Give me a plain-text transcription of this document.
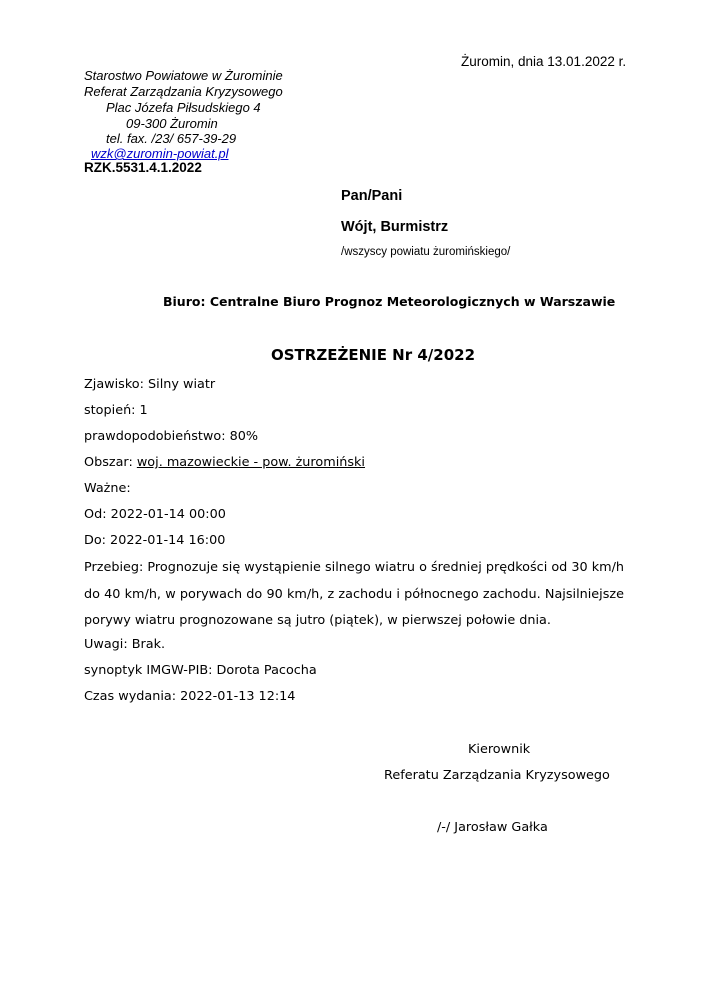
Żuromin, dnia 13.01.2022 r.
Starostwo Powiatowe w Żurominie
Referat Zarządzania Kryzysowego
Plac Józefa Piłsudskiego 4
09-300 Żuromin
tel. fax. /23/ 657-39-29
wzk@zuromin-powiat.pl
RZK.5531.4.1.2022
Pan/Pani
Wójt, Burmistrz
/wszyscy powiatu żuromińskiego/
Biuro: Centralne Biuro Prognoz Meteorologicznych w Warszawie
OSTRZEŻENIE Nr 4/2022
Zjawisko: Silny wiatr
stopień: 1
prawdopodobieństwo: 80%
Obszar: woj. mazowieckie - pow. żuromiński
Ważne:
Od: 2022-01-14 00:00
Do: 2022-01-14 16:00
Przebieg: Prognozuje się wystąpienie silnego wiatru o średniej prędkości od 30 km/h do 40 km/h, w porywach do 90 km/h, z zachodu i północnego zachodu. Najsilniejsze porywy wiatru prognozowane są jutro (piątek), w pierwszej połowie dnia.
Uwagi: Brak.
synoptyk IMGW-PIB: Dorota Pacocha
Czas wydania: 2022-01-13 12:14
Kierownik
Referatu Zarządzania Kryzysowego
/-/ Jarosław Gałka
